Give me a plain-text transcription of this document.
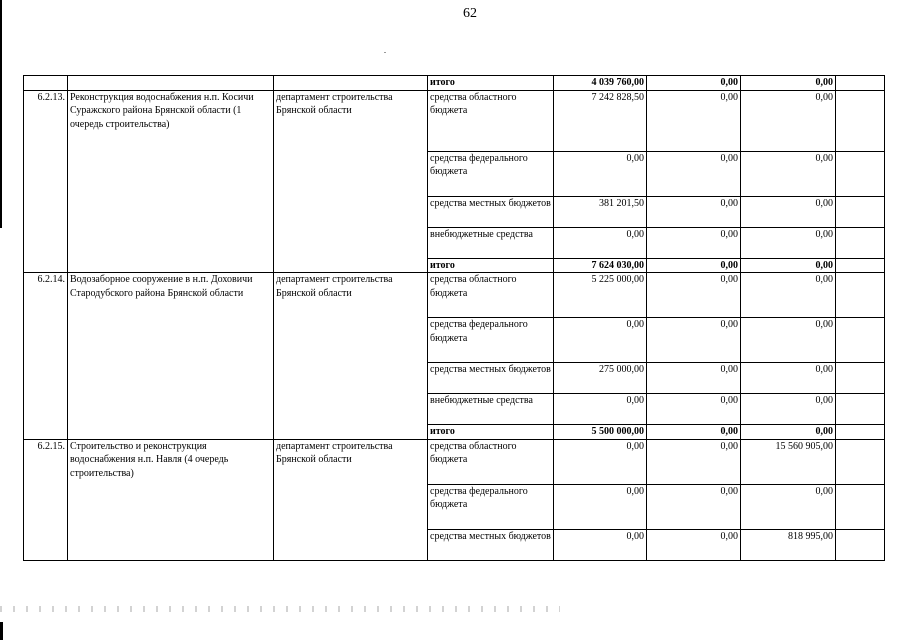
62
			итого	4 039 760,00	0,00	0,00	
6.2.13.	Реконструкция водоснабжения н.п. Косичи Суражского района Брянской области (1 очередь строительства)	департамент строительства Брянской области	средства областного бюджета	7 242 828,50	0,00	0,00	
			средства федерального бюджета	0,00	0,00	0,00	
			средства местных бюджетов	381 201,50	0,00	0,00	
			внебюджетные средства	0,00	0,00	0,00	
			итого	7 624 030,00	0,00	0,00	
6.2.14.	Водозаборное сооружение в н.п. Доховичи Стародубского района Брянской области	департамент строительства Брянской области	средства областного бюджета	5 225 000,00	0,00	0,00	
			средства федерального бюджета	0,00	0,00	0,00	
			средства местных бюджетов	275 000,00	0,00	0,00	
			внебюджетные средства	0,00	0,00	0,00	
			итого	5 500 000,00	0,00	0,00	
6.2.15.	Строительство и реконструкция водоснабжения н.п. Навля (4 очередь строительства)	департамент строительства Брянской области	средства областного бюджета	0,00	0,00	15 560 905,00	
			средства федерального бюджета	0,00	0,00	0,00	
			средства местных бюджетов	0,00	0,00	818 995,00	
